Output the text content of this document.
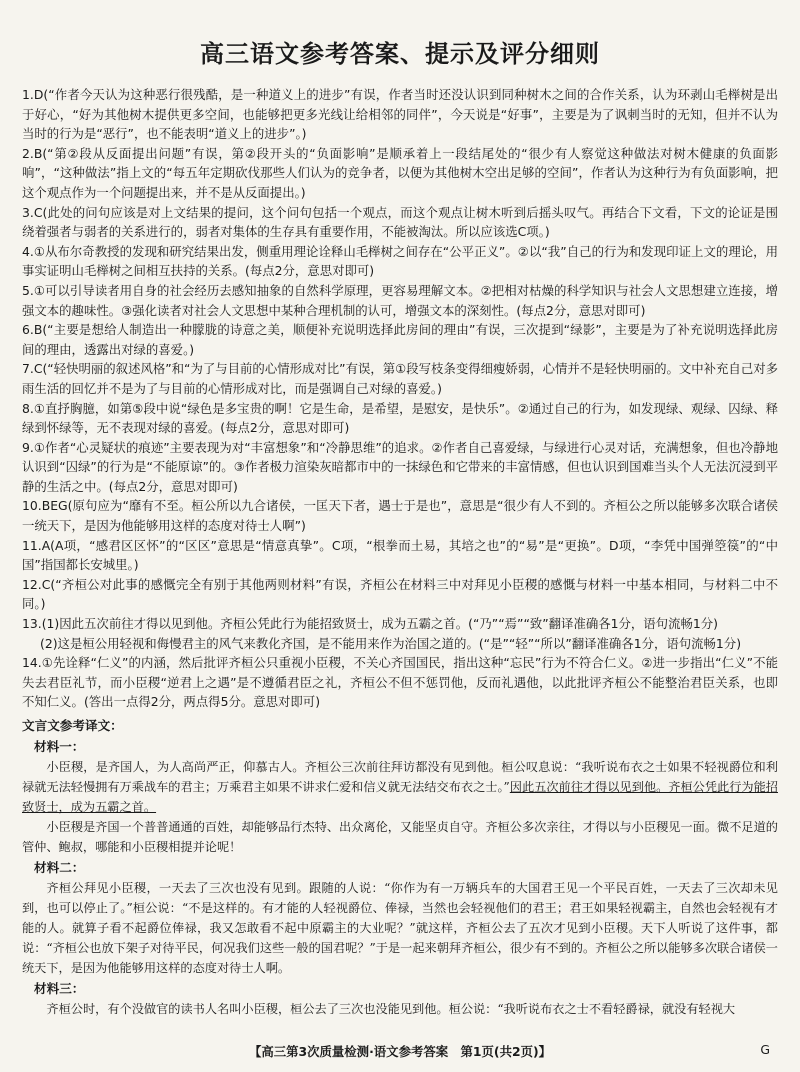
高三语文参考答案、提示及评分细则

1.D(“作者今天认为这种恶行很残酷，是一种道义上的进步”有误，作者当时还没认识到同种树木之间的合作关系，认为环剥山毛榉树是出于好心，“好为其他树木提供更多空间，也能够把更多光线让给相邻的同伴”，今天说是“好事”，主要是为了讽刺当时的无知，但并不认为当时的行为是“恶行”，也不能表明“道义上的进步”。)

2.B(“第②段从反面提出问题”有误，第②段开头的“负面影响”是顺承着上一段结尾处的“很少有人察觉这种做法对树木健康的负面影响”，“这种做法”指上文的“每五年定期砍伐那些人们认为的竞争者，以便为其他树木空出足够的空间”，作者认为这种行为有负面影响，把这个观点作为一个问题提出来，并不是从反面提出。)

3.C(此处的问句应该是对上文结果的提问，这个问句包括一个观点，而这个观点让树木听到后摇头叹气。再结合下文看，下文的论证是围绕着强者与弱者的关系进行的，弱者对集体的生存具有重要作用，不能被淘汰。所以应该选C项。)

4.①从布尔奇教授的发现和研究结果出发，侧重用理论诠释山毛榉树之间存在“公平正义”。②以“我”自己的行为和发现印证上文的理论，用事实证明山毛榉树之间相互扶持的关系。(每点2分，意思对即可)

5.①可以引导读者用自身的社会经历去感知抽象的自然科学原理，更容易理解文本。②把相对枯燥的科学知识与社会人文思想建立连接，增强文本的趣味性。③强化读者对社会人文思想中某种合理机制的认可，增强文本的深刻性。(每点2分，意思对即可)

6.B(“主要是想给人制造出一种朦胧的诗意之美，顺便补充说明选择此房间的理由”有误，三次提到“绿影”，主要是为了补充说明选择此房间的理由，透露出对绿的喜爱。)

7.C(“轻快明丽的叙述风格”和“为了与目前的心情形成对比”有误，第①段写枝条变得细瘦娇弱，心情并不是轻快明丽的。文中补充自己对多雨生活的回忆并不是为了与目前的心情形成对比，而是强调自己对绿的喜爱。)

8.①直抒胸臆，如第⑤段中说“绿色是多宝贵的啊！它是生命，是希望，是慰安，是快乐”。②通过自己的行为，如发现绿、观绿、囚绿、释绿到怀绿等，无不表现对绿的喜爱。(每点2分，意思对即可)

9.①作者“心灵疑状的痕迹”主要表现为对“丰富想象”和“冷静思维”的追求。②作者自己喜爱绿，与绿进行心灵对话，充满想象，但也冷静地认识到“囚绿”的行为是“不能原谅”的。③作者极力渲染灰暗都市中的一抹绿色和它带来的丰富情感，但也认识到国难当头个人无法沉浸到平静的生活之中。(每点2分，意思对即可)

10.BEG(原句应为“靡有不至。桓公所以九合诸侯，一匡天下者，遇士于是也”，意思是“很少有人不到的。齐桓公之所以能够多次联合诸侯一统天下，是因为他能够用这样的态度对待士人啊”)

11.A(A项，“感君区区怀”的“区区”意思是“情意真挚”。C项，“根拳而土易，其培之也”的“易”是“更换”。D项，“李凭中国弹箜篌”的“中国”指国都长安城里。)

12.C(“齐桓公对此事的感慨完全有别于其他两则材料”有误，齐桓公在材料三中对拜见小臣稷的感慨与材料一中基本相同，与材料二中不同。)

13.(1)因此五次前往才得以见到他。齐桓公凭此行为能招致贤士，成为五霸之首。(“乃”“焉”“致”翻译准确各1分，语句流畅1分)

(2)这是桓公用轻视和侮慢君主的风气来教化齐国，是不能用来作为治国之道的。(“是”“轻”“所以”翻译准确各1分，语句流畅1分)

14.①先诠释“仁义”的内涵，然后批评齐桓公只重视小臣稷，不关心齐国国民，指出这种“忘民”行为不符合仁义。②进一步指出“仁义”不能失去君臣礼节，而小臣稷“逆君上之遇”是不遵循君臣之礼，齐桓公不但不惩罚他，反而礼遇他，以此批评齐桓公不能整治君臣关系，也即不知仁义。(答出一点得2分，两点得5分。意思对即可)

文言文参考译文：
材料一：

小臣稷，是齐国人，为人高尚严正，仰慕古人。齐桓公三次前往拜访都没有见到他。桓公叹息说：“我听说布衣之士如果不轻视爵位和利禄就无法轻慢拥有万乘战车的君主；万乘君主如果不讲求仁爱和信义就无法结交布衣之士。”因此五次前往才得以见到他。齐桓公凭此行为能招致贤士，成为五霸之首。

小臣稷是齐国一个普普通通的百姓，却能够品行杰特、出众离伦，又能坚贞自守。齐桓公多次亲往，才得以与小臣稷见一面。微不足道的管仲、鲍叔，哪能和小臣稷相提并论呢！

材料二：

齐桓公拜见小臣稷，一天去了三次也没有见到。跟随的人说：“你作为有一万辆兵车的大国君王见一个平民百姓，一天去了三次却未见到，也可以停止了。”桓公说：“不是这样的。有才能的人轻视爵位、俸禄，当然也会轻视他们的君王；君王如果轻视霸主，自然也会轻视有才能的人。就算子看不起爵位俸禄，我又怎敢看不起中原霸主的大业呢？”就这样，齐桓公去了五次才见到小臣稷。天下人听说了这件事，都说：“齐桓公也放下架子对待平民，何况我们这些一般的国君呢？”于是一起来朝拜齐桓公，很少有不到的。齐桓公之所以能够多次联合诸侯一统天下，是因为他能够用这样的态度对待士人啊。

材料三：

齐桓公时，有个没做官的读书人名叫小臣稷，桓公去了三次也没能见到他。桓公说：“我听说布衣之士不看轻爵禄，就没有轻视大

【高三第3次质量检测·语文参考答案　第1页(共2页)】	G
